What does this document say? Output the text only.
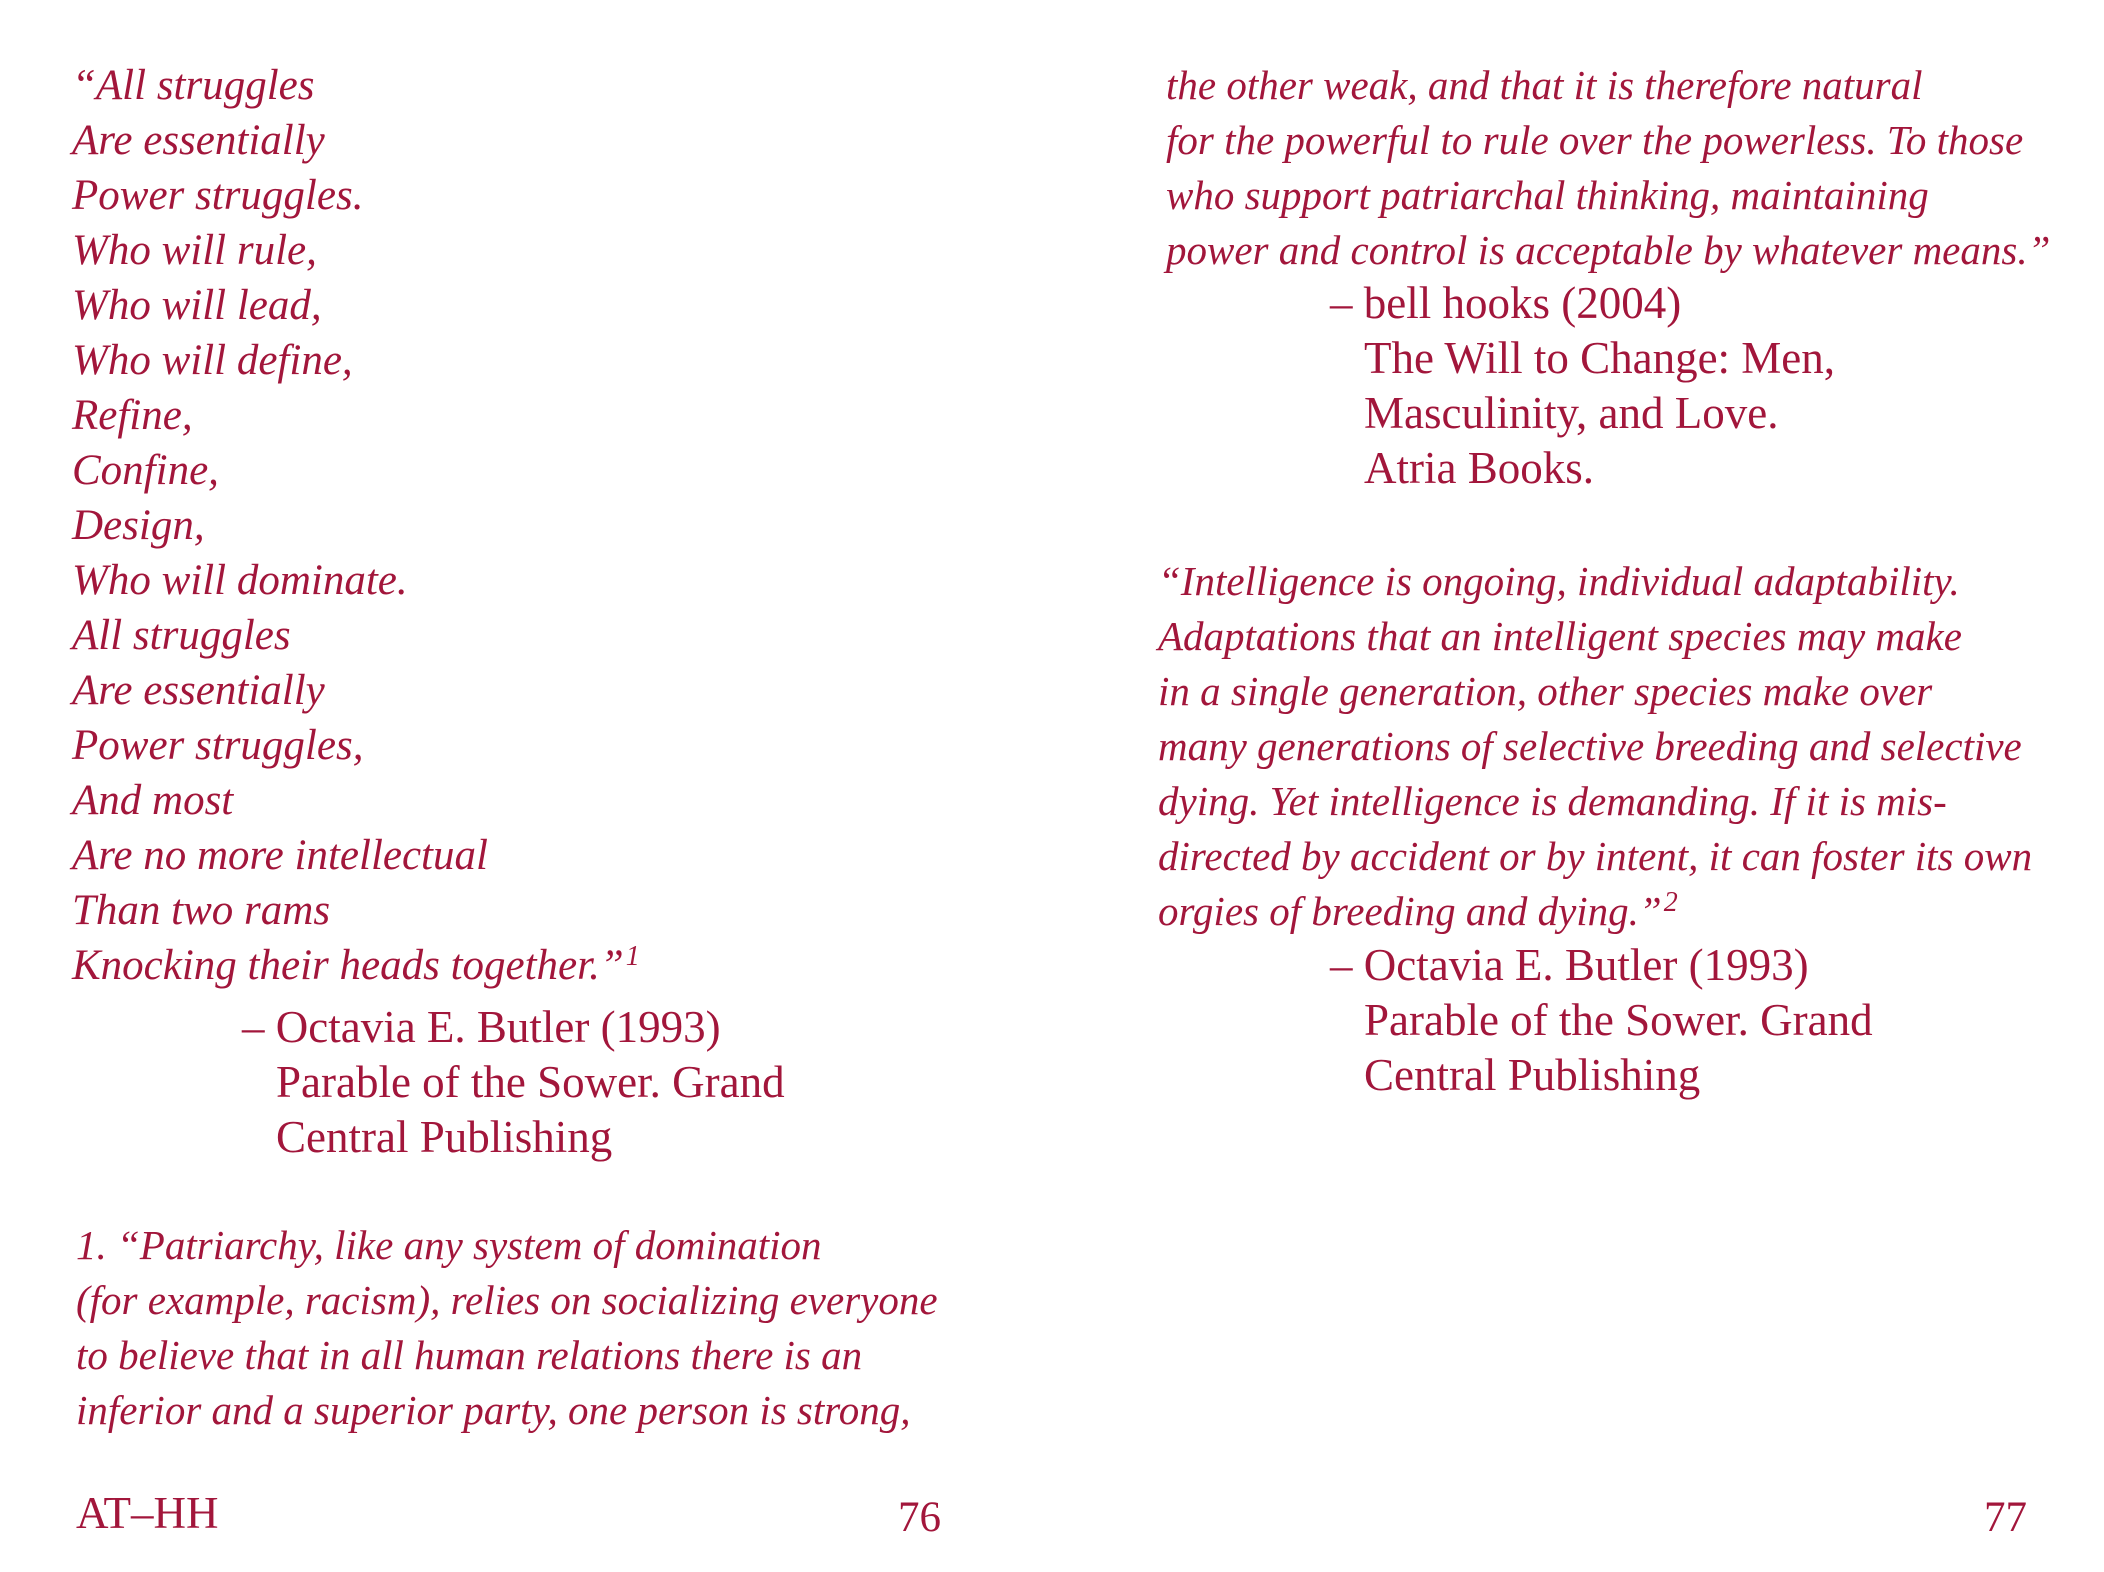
“All struggles
Are essentially
Power struggles.
Who will rule,
Who will lead,
Who will define,
Refine,
Confine,
Design,
Who will dominate.
All struggles
Are essentially
Power struggles,
And most
Are no more intellectual
Than two rams
Knocking their heads together.”$^1$
– Octavia E. Butler (1993)
Parable of the Sower. Grand
Central Publishing
1. “Patriarchy, like any system of domination
(for example, racism), relies on socializing everyone
to believe that in all human relations there is an
inferior and a superior party, one person is strong,
AT–HH	76
the other weak, and that it is therefore natural
for the powerful to rule over the powerless. To those
who support patriarchal thinking, maintaining
power and control is acceptable by whatever means.”
– bell hooks (2004)
The Will to Change: Men,
Masculinity, and Love.
Atria Books.
“Intelligence is ongoing, individual adaptability.
Adaptations that an intelligent species may make
in a single generation, other species make over
many generations of selective breeding and selective
dying. Yet intelligence is demanding. If it is mis-
directed by accident or by intent, it can foster its own
orgies of breeding and dying.”$^2$
– Octavia E. Butler (1993)
Parable of the Sower. Grand
Central Publishing
77
